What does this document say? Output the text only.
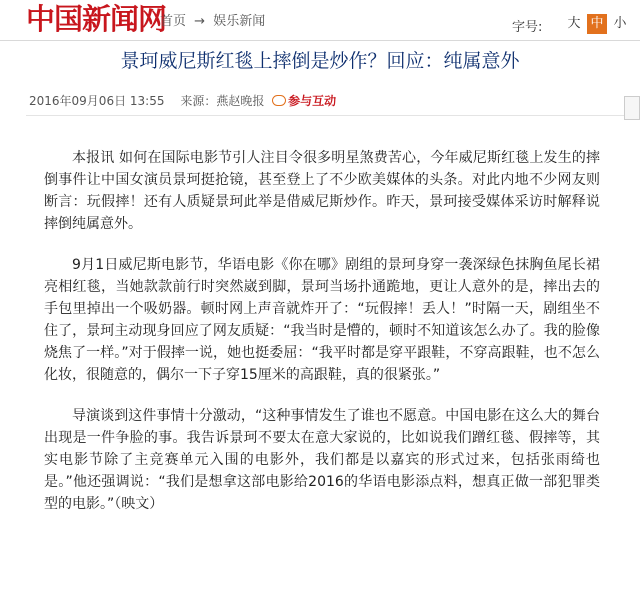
中国新闻网
首页 → 娱乐新闻	字号: 大 中 小
景珂威尼斯红毯上摔倒是炒作？回应：纯属意外
2016年09月06日 13:55 来源：燕赵晚报 参与互动

本报讯 如何在国际电影节引人注目令很多明星煞费苦心，今年威尼斯红毯上发生的摔倒事件让中国女演员景珂挺抢镜，甚至登上了不少欧美媒体的头条。对此内地不少网友则断言：玩假摔！还有人质疑景珂此举是借威尼斯炒作。昨天，景珂接受媒体采访时解释说摔倒纯属意外。

9月1日威尼斯电影节，华语电影《你在哪》剧组的景珂身穿一袭深绿色抹胸鱼尾长裙亮相红毯，当她款款前行时突然崴到脚，景珂当场扑通跪地，更让人意外的是，摔出去的手包里掉出一个吸奶器。顿时网上声音就炸开了：“玩假摔！丢人！”时隔一天，剧组坐不住了，景珂主动现身回应了网友质疑：“我当时是懵的，顿时不知道该怎么办了。我的脸像烧焦了一样。”对于假摔一说，她也挺委屈：“我平时都是穿平跟鞋，不穿高跟鞋，也不怎么化妆，很随意的，偶尔一下子穿15厘米的高跟鞋，真的很紧张。”

导演谈到这件事情十分激动，“这种事情发生了谁也不愿意。中国电影在这么大的舞台出现是一件争脸的事。我告诉景珂不要太在意大家说的，比如说我们蹭红毯、假摔等，其实电影节除了主竞赛单元入围的电影外，我们都是以嘉宾的形式过来，包括张雨绮也是。”他还强调说：“我们是想拿这部电影给2016的华语电影添点料，想真正做一部犯罪类型的电影。”（映文）
